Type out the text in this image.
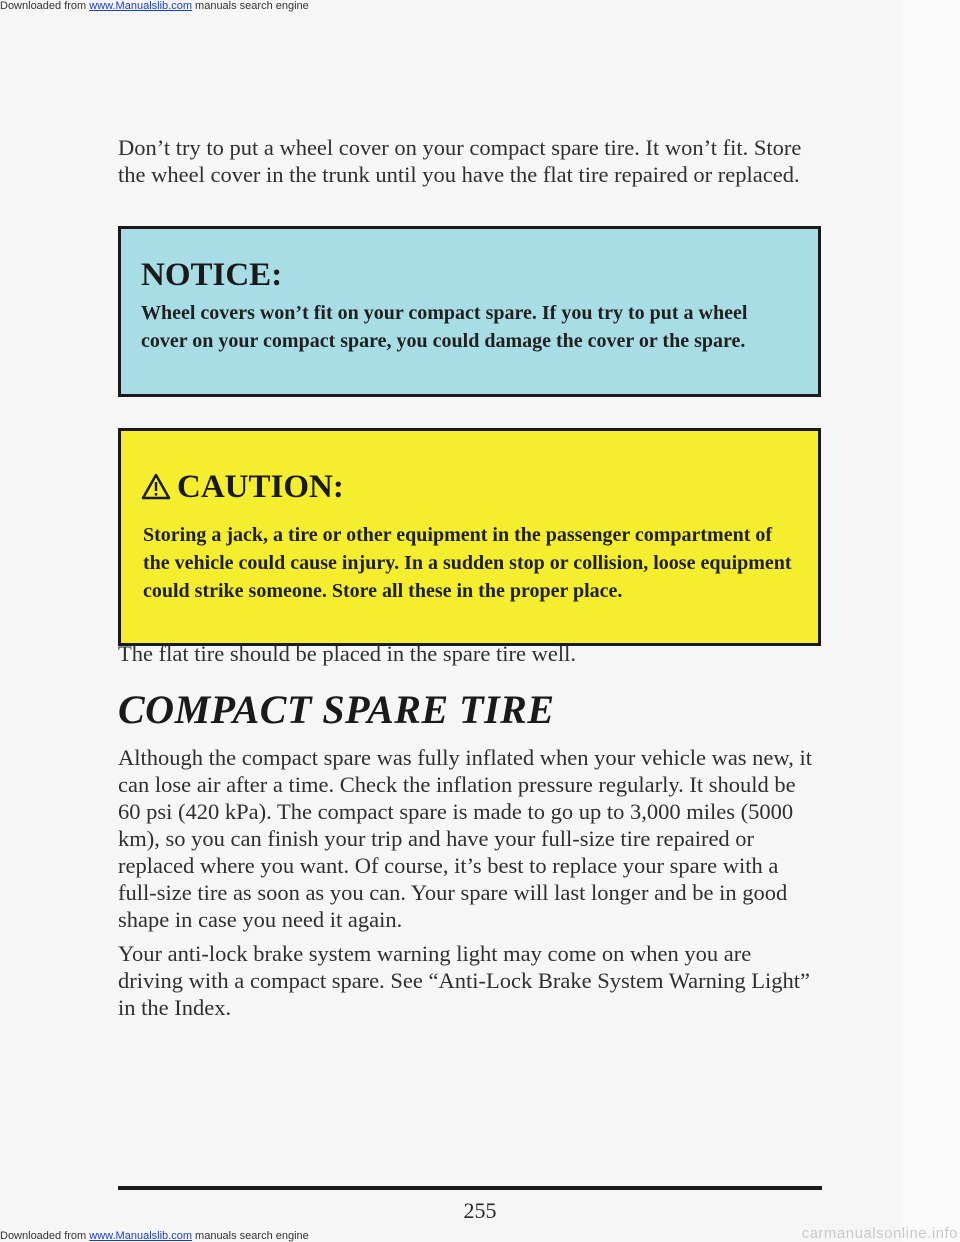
Downloaded from www.Manualslib.com manuals search engine

Don’t try to put a wheel cover on your compact spare tire. It won’t fit. Store the wheel cover in the trunk until you have the flat tire repaired or replaced.

NOTICE:

Wheel covers won’t fit on your compact spare. If you try to put a wheel cover on your compact spare, you could damage the cover or the spare.

CAUTION:

Storing a jack, a tire or other equipment in the passenger compartment of the vehicle could cause injury. In a sudden stop or collision, loose equipment could strike someone. Store all these in the proper place.

The flat tire should be placed in the spare tire well.

COMPACT SPARE TIRE

Although the compact spare was fully inflated when your vehicle was new, it can lose air after a time. Check the inflation pressure regularly. It should be 60 psi (420 kPa). The compact spare is made to go up to 3,000 miles (5000 km), so you can finish your trip and have your full-size tire repaired or replaced where you want. Of course, it’s best to replace your spare with a full-size tire as soon as you can. Your spare will last longer and be in good shape in case you need it again.

Your anti-lock brake system warning light may come on when you are driving with a compact spare. See “Anti-Lock Brake System Warning Light” in the Index.

255
Downloaded from www.Manualslib.com manuals search engine	carmanualsonline.info
